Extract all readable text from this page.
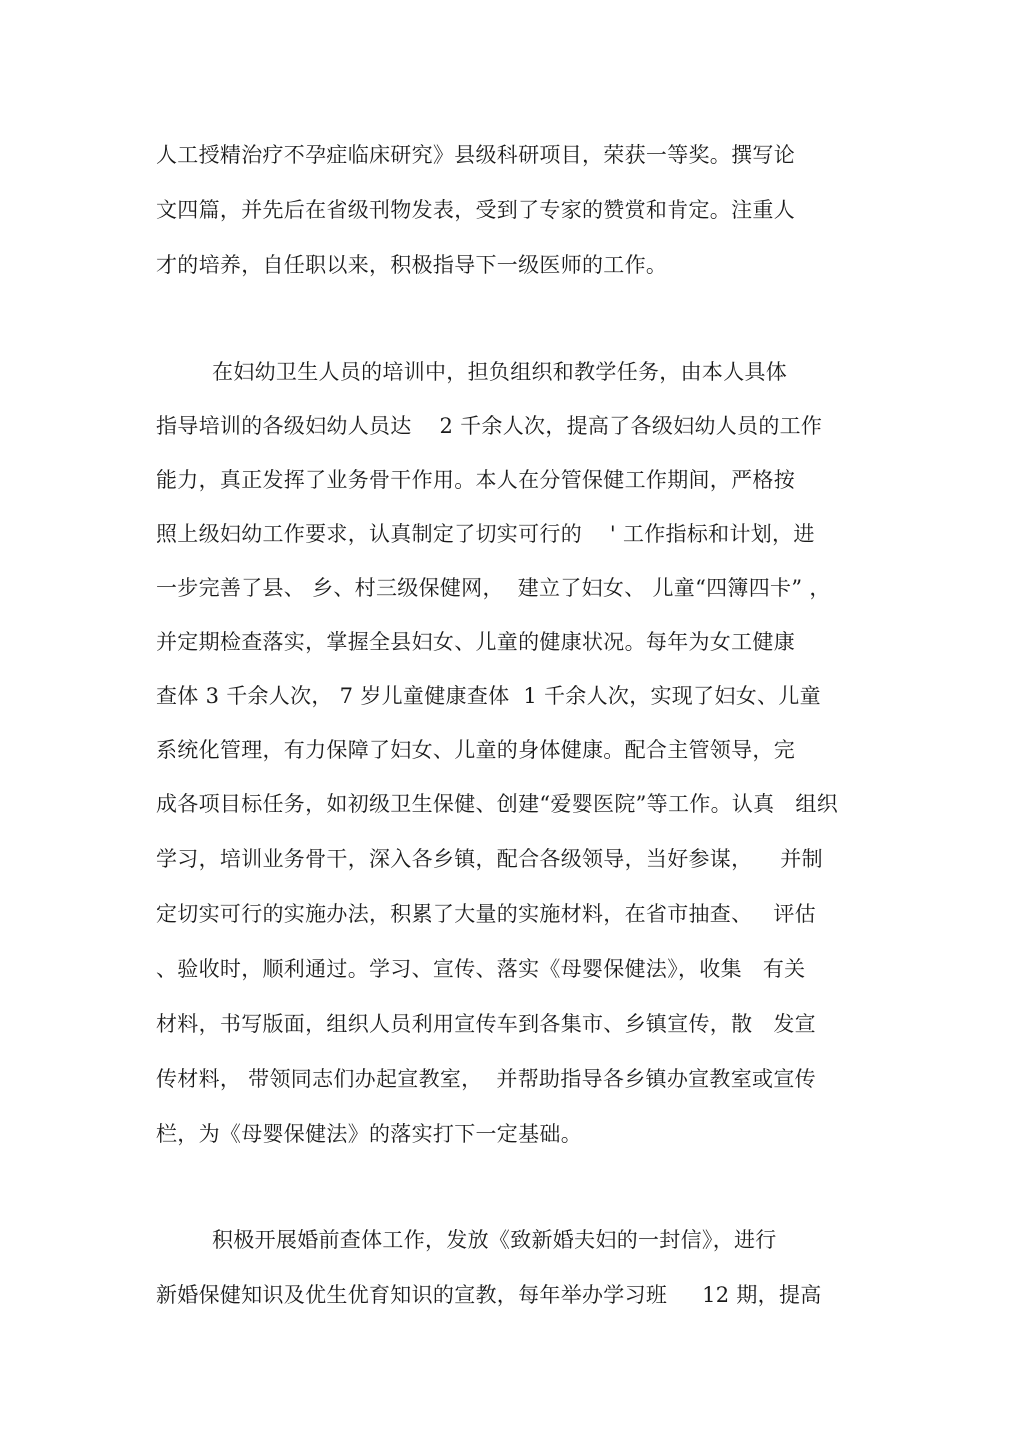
人工授精治疗不孕症临床研究》县级科研项目，荣获一等奖。撰写论
文四篇，并先后在省级刊物发表，受到了专家的赞赏和肯定。注重人
才的培养，自任职以来，积极指导下一级医师的工作。
在妇幼卫生人员的培训中，担负组织和教学任务，由本人具体
指导培训的各级妇幼人员达    2 千余人次，提高了各级妇幼人员的工作
能力，真正发挥了业务骨干作用。本人在分管保健工作期间，严格按
照上级妇幼工作要求，认真制定了切实可行的    ' 工作指标和计划，进
一步完善了县、 乡、村三级保健网，  建立了妇女、 儿童“四簿四卡” ，
并定期检查落实，掌握全县妇女、儿童的健康状况。每年为女工健康
查体 3 千余人次， 7 岁儿童健康查体  1 千余人次，实现了妇女、儿童
系统化管理，有力保障了妇女、儿童的身体健康。配合主管领导，完
成各项目标任务，如初级卫生保健、创建“爱婴医院”等工作。认真   组织
学习，培训业务骨干，深入各乡镇，配合各级领导，当好参谋，    并制
定切实可行的实施办法，积累了大量的实施材料，在省市抽查、   评估
、验收时，顺利通过。学习、宣传、落实《母婴保健法》，收集   有关
材料，书写版面，组织人员利用宣传车到各集市、乡镇宣传，散   发宣
传材料， 带领同志们办起宣教室，  并帮助指导各乡镇办宣教室或宣传
栏，为《母婴保健法》的落实打下一定基础。
积极开展婚前查体工作，发放《致新婚夫妇的一封信》，进行
新婚保健知识及优生优育知识的宣教，每年举办学习班     12 期，提高
